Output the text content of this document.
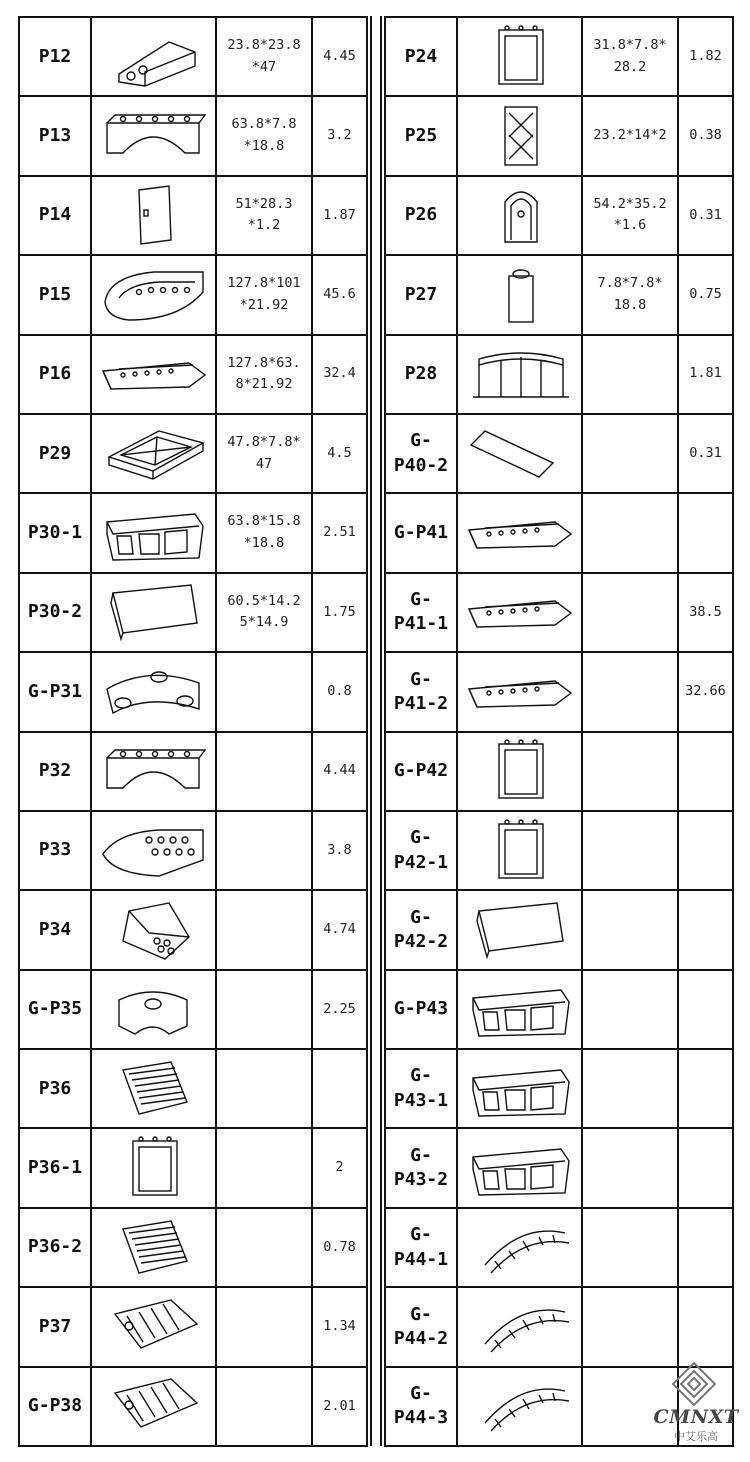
P12		23.8*23.8
*47	4.45

P13		63.8*7.8
*18.8	3.2

P14		51*28.3
*1.2	1.87

P15		127.8*101
*21.92	45.6

P16		127.8*63.
8*21.92	32.4

P29		47.8*7.8*
47	4.5

P30-1		63.8*15.8
*18.8	2.51

P30-2		60.5*14.2
5*14.9	1.75

G-P31			0.8

P32			4.44

P33			3.8

P34			4.74

G-P35			2.25

P36

P36-1			2

P36-2			0.78

P37			1.34

G-P38			2.01
P24		31.8*7.8*
28.2	1.82

P25		23.2*14*2	0.38

P26		54.2*35.2
*1.6	0.31

P27		7.8*7.8*
18.8	0.75

P28			1.81

G-
P40-2			0.31

G-P41

G-
P41-1			38.5

G-
P41-2			32.66

G-P42

G-
P42-1

G-
P42-2

G-P43

G-
P43-1

G-
P43-2

G-
P44-1

G-
P44-2

G-
P44-3

			CMNXT
中艾乐高
